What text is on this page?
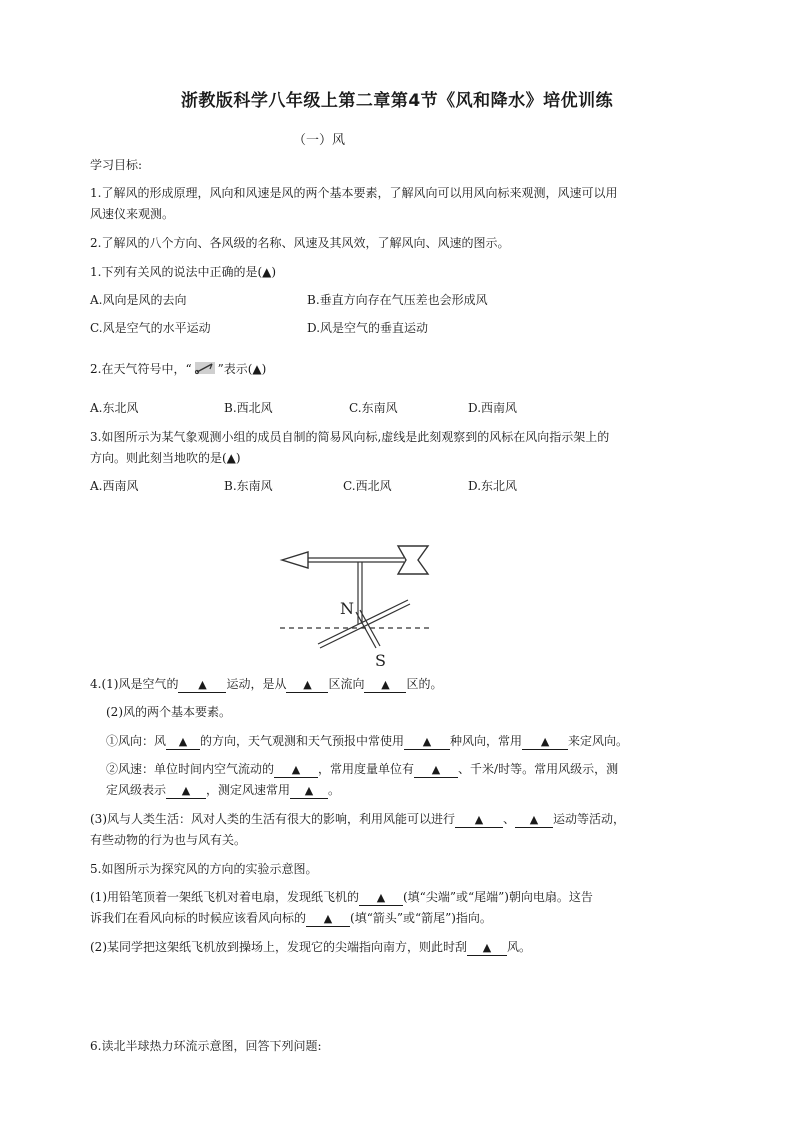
浙教版科学八年级上第二章第4节《风和降水》培优训练
（一）风
学习目标:
1.了解风的形成原理，风向和风速是风的两个基本要素，了解风向可以用风向标来观测，风速可以用
风速仪来观测。
2.了解风的八个方向、各风级的名称、风速及其风效，了解风向、风速的图示。
1.下列有关风的说法中正确的是(▲)
A.风向是风的去向	B.垂直方向存在气压差也会形成风
C.风是空气的水平运动	D.风是空气的垂直运动
2.在天气符号中，“ ”表示(▲)
A.东北风	B.西北风	C.东南风	D.西南风
3.如图所示为某气象观测小组的成员自制的简易风向标,虚线是此刻观察到的风标在风向指示架上的
方向。则此刻当地吹的是(▲)
A.西南风	B.东南风	C.西北风	D.东北风
N
S
4.(1)风是空气的 ▲ 运动，是从 ▲ 区流向 ▲ 区的。
(2)风的两个基本要素。
①风向：风 ▲ 的方向，天气观测和天气预报中常使用 ▲ 种风向，常用 ▲ 来定风向。
②风速：单位时间内空气流动的 ▲ ，常用度量单位有 ▲ 、千米/时等。常用风级示，测
定风级表示 ▲ ，测定风速常用 ▲ 。
(3)风与人类生活：风对人类的生活有很大的影响，利用风能可以进行 ▲ 、 ▲ 运动等活动，
有些动物的行为也与风有关。
5.如图所示为探究风的方向的实验示意图。
(1)用铅笔顶着一架纸飞机对着电扇，发现纸飞机的 ▲ (填“尖端”或“尾端”)朝向电扇。这告
诉我们在看风向标的时候应该看风向标的 ▲ (填“箭头”或“箭尾”)指向。
(2)某同学把这架纸飞机放到操场上，发现它的尖端指向南方，则此时刮 ▲ 风。
6.读北半球热力环流示意图，回答下列问题:
